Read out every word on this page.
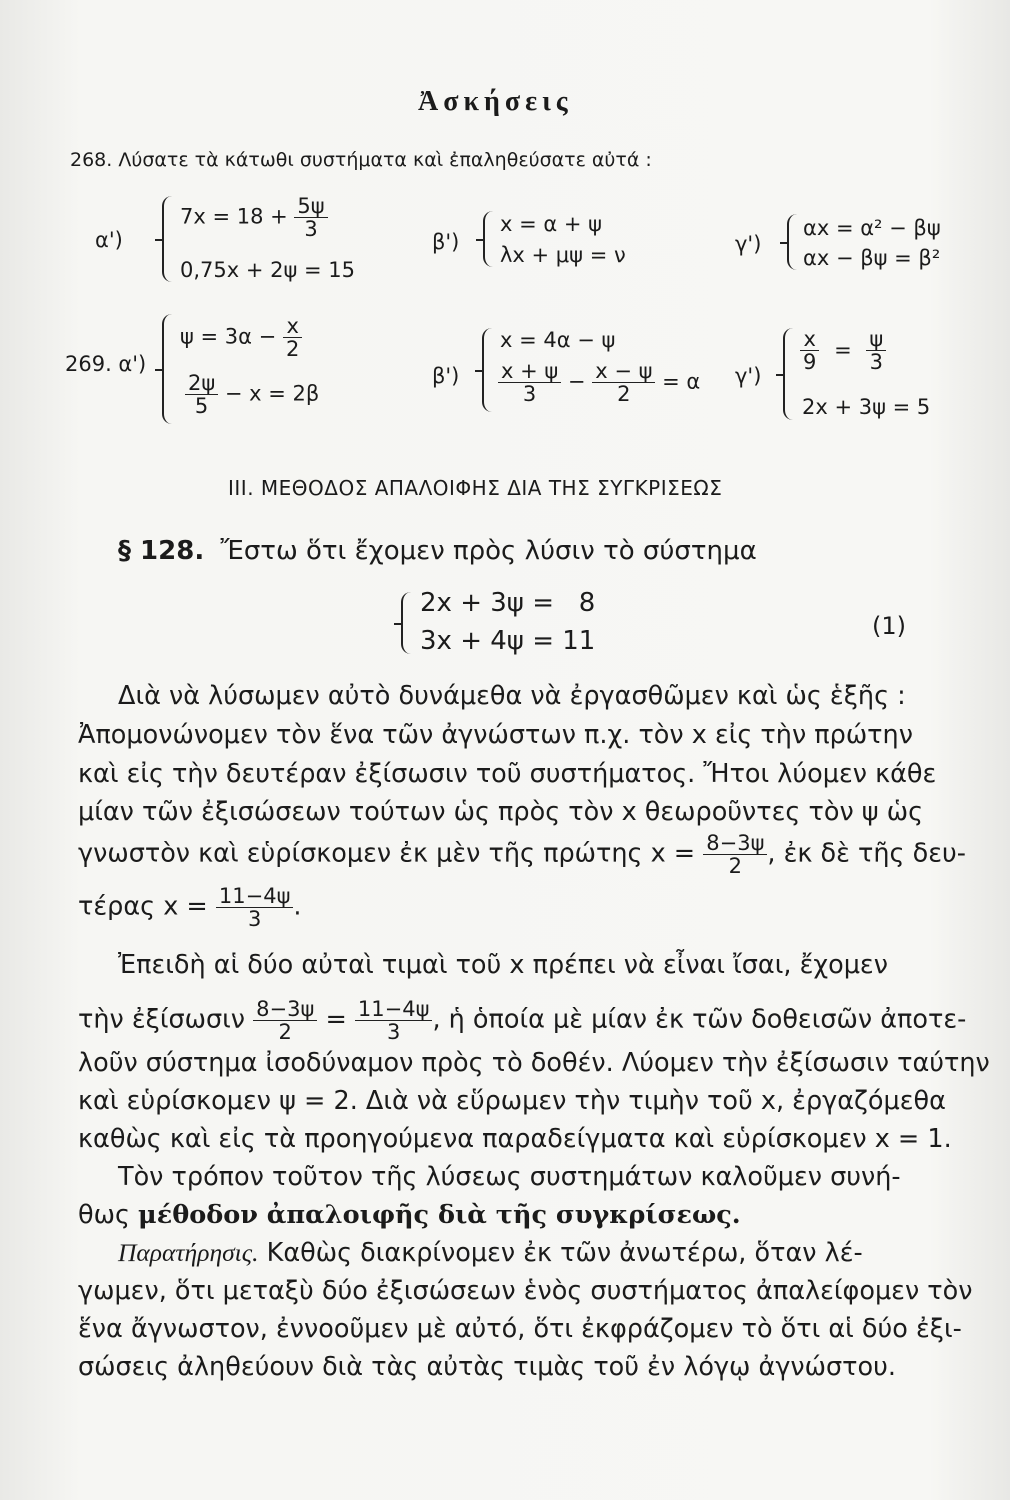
Ἀσκήσεις
268. Λύσατε τὰ κάτωθι συστήματα καὶ ἐπαληθεύσατε αὐτά :
α')
$7x = 18 + \frac{5\psi}{3}$
0,75x + 2ψ = 15
β')
x = α + ψ
λx + μψ = ν	γ')
αx = α² − βψ
αx − βψ = β²
269. α')
$\psi = 3\alpha - \frac{x}{2}$
$\frac{2\psi}{5} - x = 2\beta$
β')
x = 4α − ψ
$\frac{x + \psi}{3} - \frac{x - \psi}{2} = \alpha$ γ')
$\frac{x}{9} = \frac{\psi}{3}$
2x + 3ψ = 5
III. ΜΕΘΟΔΟΣ ΑΠΑΛΟΙΦΗΣ ΔΙΑ ΤΗΣ ΣΥΓΚΡΙΣΕΩΣ
§ 128. Ἔστω ὅτι ἔχομεν πρὸς λύσιν τὸ σύστημα
2x + 3ψ =   8
3x + 4ψ = 11	(1)
Διὰ νὰ λύσωμεν αὐτὸ δυνάμεθα νὰ ἐργασθῶμεν καὶ ὡς ἑξῆς :
Ἀπομονώνομεν τὸν ἕνα τῶν ἀγνώστων π.χ. τὸν x εἰς τὴν πρώτην
καὶ εἰς τὴν δευτέραν ἐξίσωσιν τοῦ συστήματος. Ἤτοι λύομεν κάθε
μίαν τῶν ἐξισώσεων τούτων ὡς πρὸς τὸν x θεωροῦντες τὸν ψ ὡς
γνωστὸν καὶ εὑρίσκομεν ἐκ μὲν τῆς πρώτης $x = \frac{8-3\psi}{2}$ , ἐκ δὲ τῆς δευ-
τέρας $x = \frac{11-4\psi}{3}$ .
Ἐπειδὴ αἱ δύο αὐταὶ τιμαὶ τοῦ x πρέπει νὰ εἶναι ἴσαι, ἔχομεν
τὴν ἐξίσωσιν $\frac{8-3\psi}{2} = \frac{11-4\psi}{3}$ , ἡ ὁποία μὲ μίαν ἐκ τῶν δοθεισῶν ἀποτε-
λοῦν σύστημα ἰσοδύναμον πρὸς τὸ δοθέν. Λύομεν τὴν ἐξίσωσιν ταύτην
καὶ εὑρίσκομεν ψ = 2. Διὰ νὰ εὕρωμεν τὴν τιμὴν τοῦ x, ἐργαζόμεθα
καθὼς καὶ εἰς τὰ προηγούμενα παραδείγματα καὶ εὑρίσκομεν x = 1.
Τὸν τρόπον τοῦτον τῆς λύσεως συστημάτων καλοῦμεν συνή-
θως μέθοδον ἀπαλοιφῆς διὰ τῆς συγκρίσεως.
Παρατήρησις. Καθὼς διακρίνομεν ἐκ τῶν ἀνωτέρω, ὅταν λέ-
γωμεν, ὅτι μεταξὺ δύο ἐξισώσεων ἑνὸς συστήματος ἀπαλείφομεν τὸν
ἕνα ἄγνωστον, ἐννοοῦμεν μὲ αὐτό, ὅτι ἐκφράζομεν τὸ ὅτι αἱ δύο ἐξι-
σώσεις ἀληθεύουν διὰ τὰς αὐτὰς τιμὰς τοῦ ἐν λόγῳ ἀγνώστου.
